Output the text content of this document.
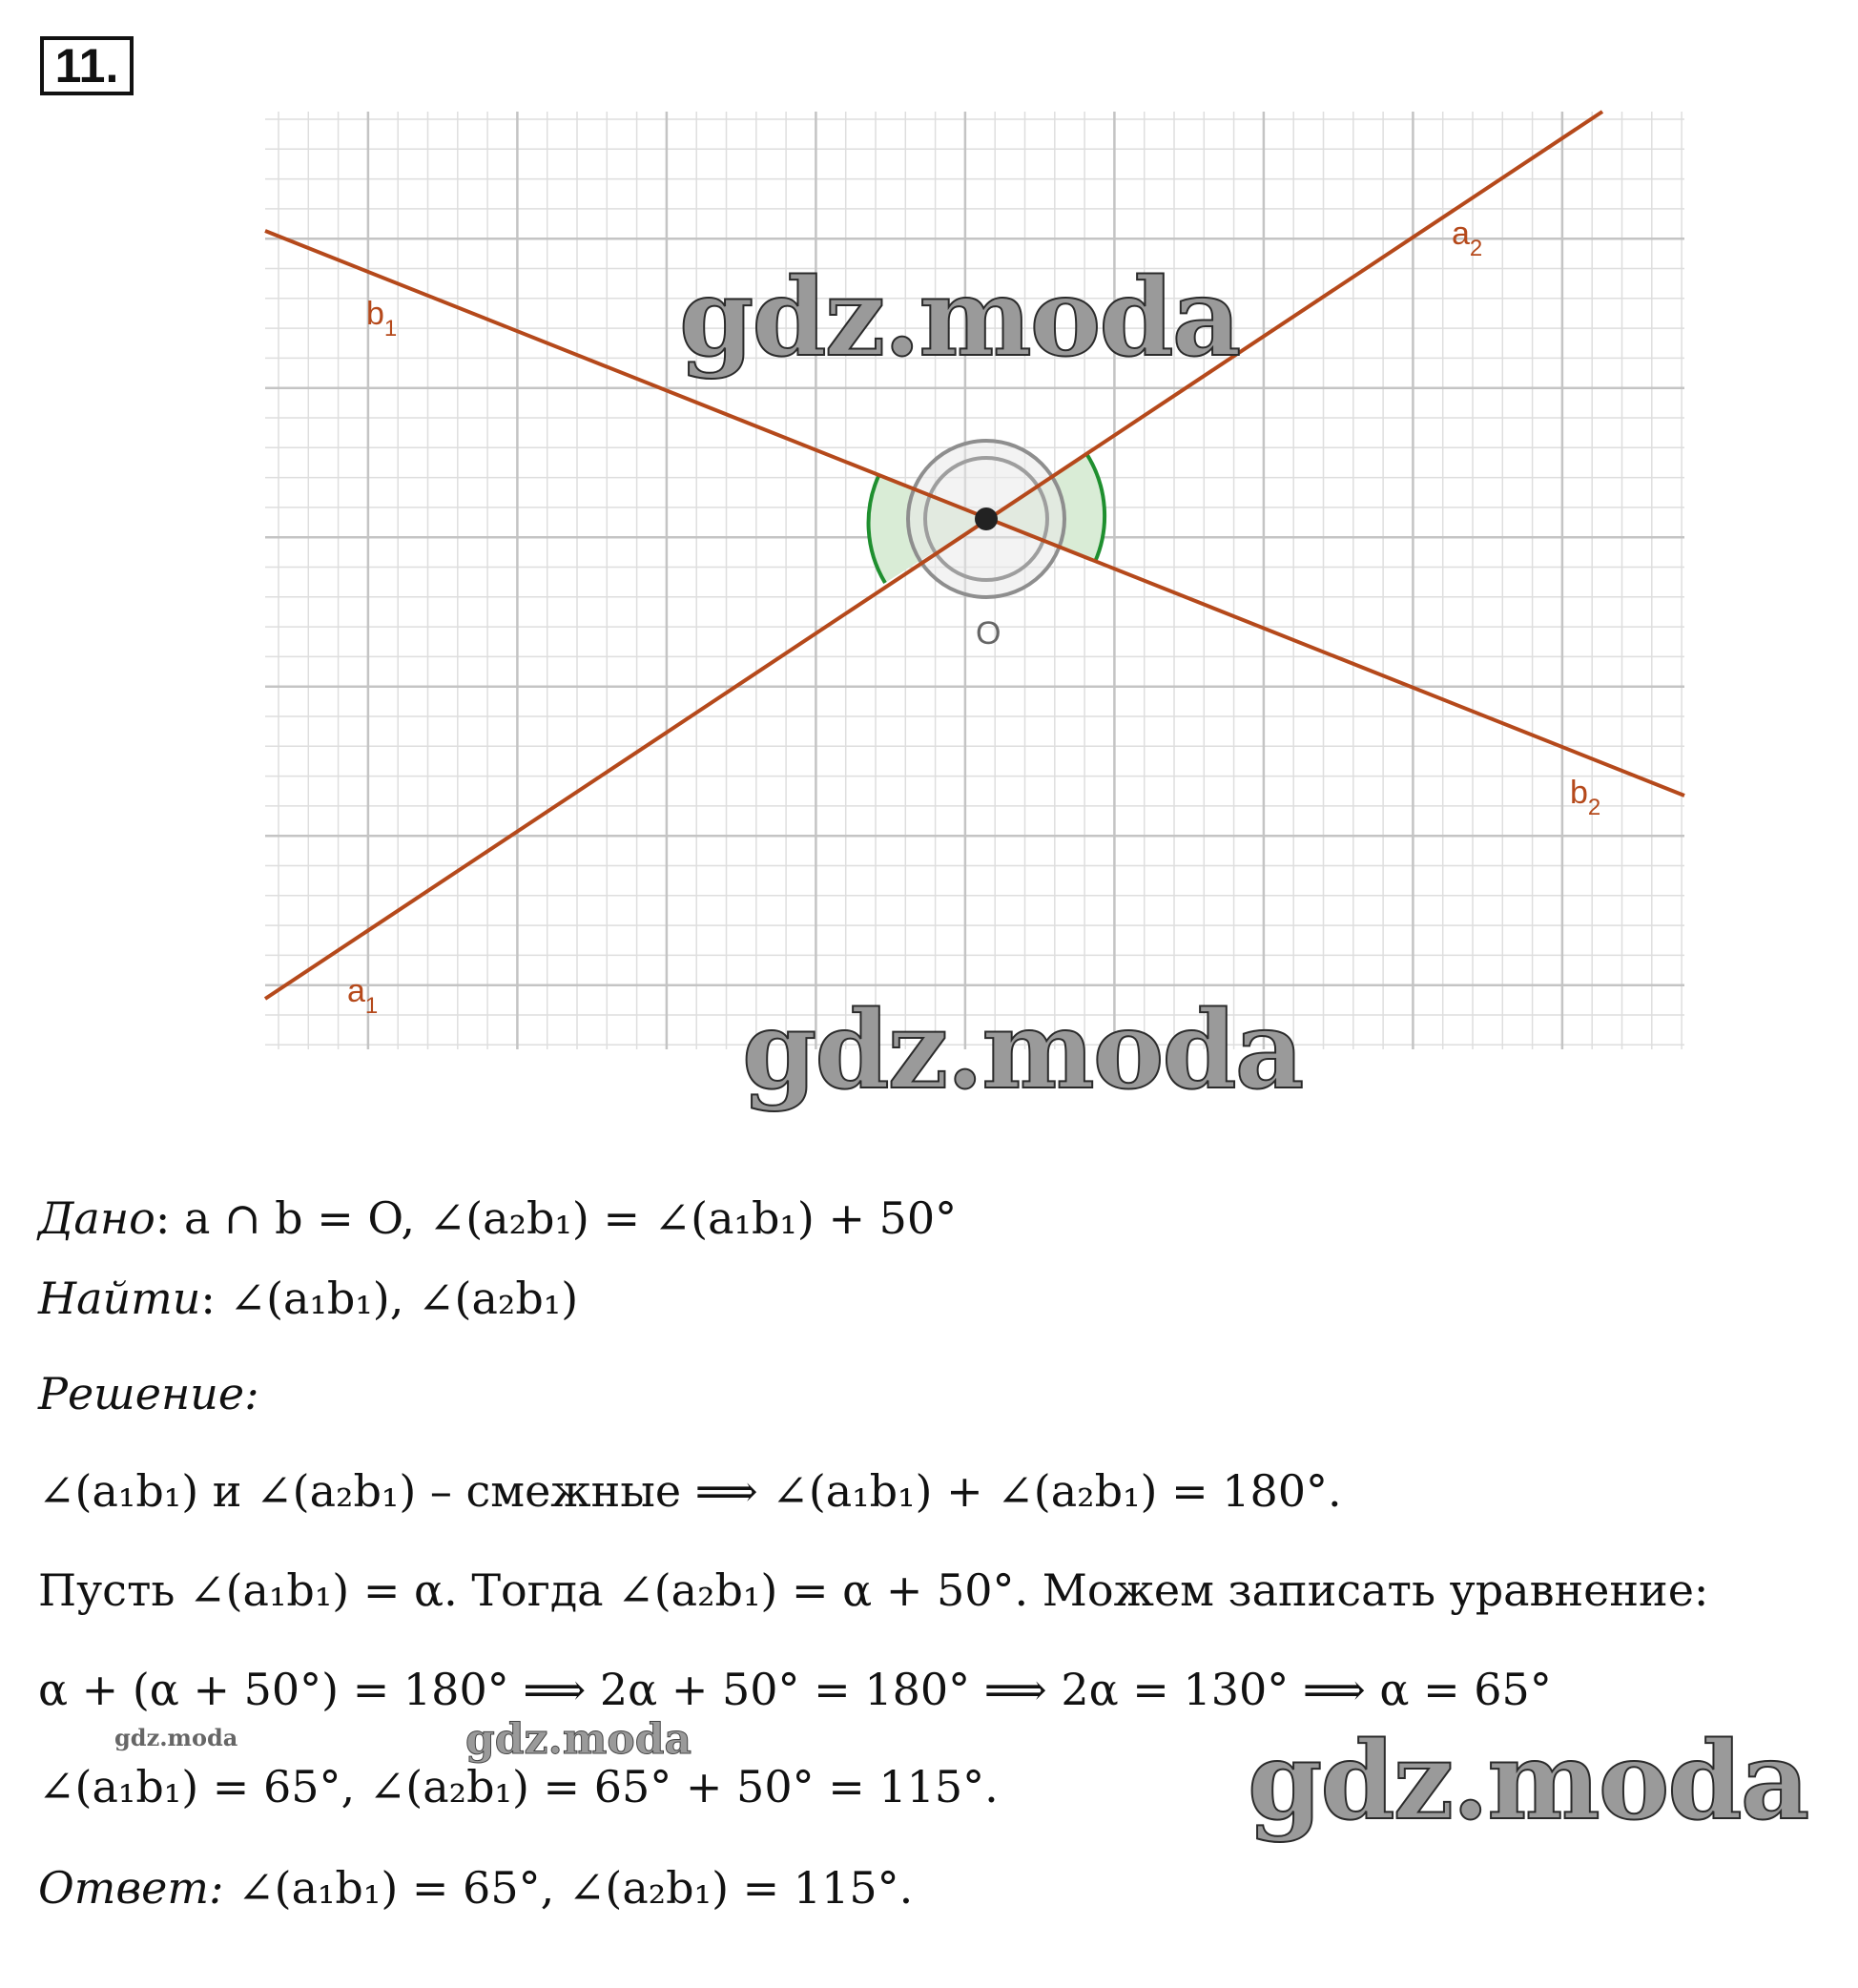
11.
$b_1$
$a_2$
$b_2$
$a_1$
O
gdz.moda
gdz.moda
gdz.moda
gdz.moda
gdz.moda
Дано: a ∩ b = O, ∠(a₂b₁) = ∠(a₁b₁) + 50°
Найти: ∠(a₁b₁), ∠(a₂b₁)
Решение:
∠(a₁b₁) и ∠(a₂b₁) – смежные ⟹ ∠(a₁b₁) + ∠(a₂b₁) = 180°.
Пусть ∠(a₁b₁) = α. Тогда ∠(a₂b₁) = α + 50°. Можем записать уравнение:
α + (α + 50°) = 180° ⟹ 2α + 50° = 180° ⟹ 2α = 130° ⟹ α = 65°
∠(a₁b₁) = 65°, ∠(a₂b₁) = 65° + 50° = 115°.
Ответ: ∠(a₁b₁) = 65°, ∠(a₂b₁) = 115°.
